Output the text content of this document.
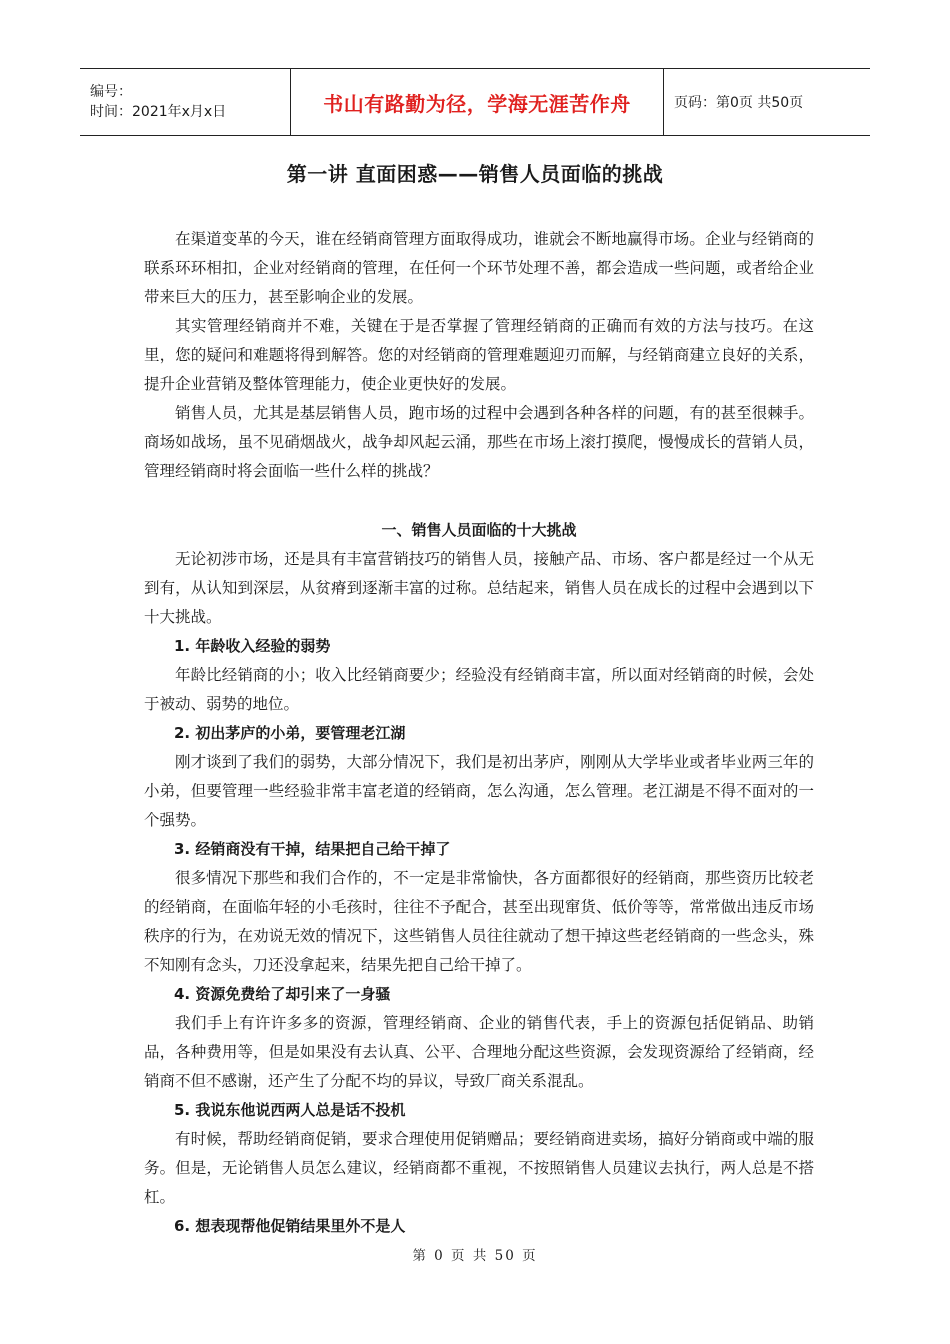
编号：
时间：2021年x月x日	书山有路勤为径，学海无涯苦作舟	页码：第0页 共50页
第一讲 直面困惑——销售人员面临的挑战

在渠道变革的今天，谁在经销商管理方面取得成功，谁就会不断地赢得市场。企业与经销商的联系环环相扣，企业对经销商的管理，在任何一个环节处理不善，都会造成一些问题，或者给企业带来巨大的压力，甚至影响企业的发展。

其实管理经销商并不难，关键在于是否掌握了管理经销商的正确而有效的方法与技巧。在这里，您的疑问和难题将得到解答。您的对经销商的管理难题迎刃而解，与经销商建立良好的关系，提升企业营销及整体管理能力，使企业更快好的发展。

销售人员，尤其是基层销售人员，跑市场的过程中会遇到各种各样的问题，有的甚至很棘手。商场如战场，虽不见硝烟战火，战争却风起云涌，那些在市场上滚打摸爬，慢慢成长的营销人员，管理经销商时将会面临一些什么样的挑战？

一、销售人员面临的十大挑战

无论初涉市场，还是具有丰富营销技巧的销售人员，接触产品、市场、客户都是经过一个从无到有，从认知到深层，从贫瘠到逐渐丰富的过称。总结起来，销售人员在成长的过程中会遇到以下十大挑战。

1. 年龄收入经验的弱势

年龄比经销商的小；收入比经销商要少；经验没有经销商丰富，所以面对经销商的时候，会处于被动、弱势的地位。

2. 初出茅庐的小弟，要管理老江湖

刚才谈到了我们的弱势，大部分情况下，我们是初出茅庐，刚刚从大学毕业或者毕业两三年的小弟，但要管理一些经验非常丰富老道的经销商，怎么沟通，怎么管理。老江湖是不得不面对的一个强势。

3. 经销商没有干掉，结果把自己给干掉了

很多情况下那些和我们合作的，不一定是非常愉快，各方面都很好的经销商，那些资历比较老的经销商，在面临年轻的小毛孩时，往往不予配合，甚至出现窜货、低价等等，常常做出违反市场秩序的行为，在劝说无效的情况下，这些销售人员往往就动了想干掉这些老经销商的一些念头，殊不知刚有念头，刀还没拿起来，结果先把自己给干掉了。

4. 资源免费给了却引来了一身骚

我们手上有许许多多的资源，管理经销商、企业的销售代表，手上的资源包括促销品、助销品，各种费用等，但是如果没有去认真、公平、合理地分配这些资源，会发现资源给了经销商，经销商不但不感谢，还产生了分配不均的异议，导致厂商关系混乱。

5. 我说东他说西两人总是话不投机

有时候，帮助经销商促销，要求合理使用促销赠品；要经销商进卖场，搞好分销商或中端的服务。但是，无论销售人员怎么建议，经销商都不重视，不按照销售人员建议去执行，两人总是不搭杠。

6. 想表现帮他促销结果里外不是人
第 0 页 共 50 页
